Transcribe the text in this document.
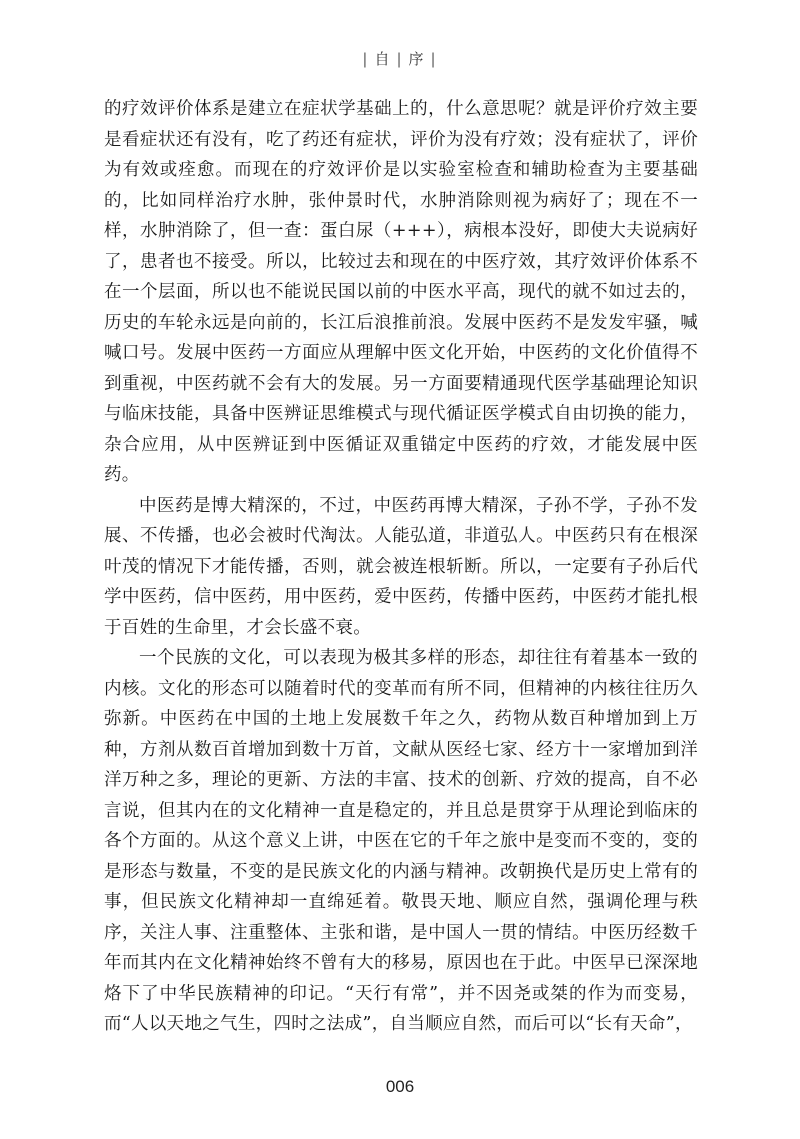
| 自 | 序 |

的疗效评价体系是建立在症状学基础上的，什么意思呢？就是评价疗效主要是看症状还有没有，吃了药还有症状，评价为没有疗效；没有症状了，评价为有效或痊愈。而现在的疗效评价是以实验室检查和辅助检查为主要基础的，比如同样治疗水肿，张仲景时代，水肿消除则视为病好了；现在不一样，水肿消除了，但一查：蛋白尿（+++），病根本没好，即使大夫说病好了，患者也不接受。所以，比较过去和现在的中医疗效，其疗效评价体系不在一个层面，所以也不能说民国以前的中医水平高，现代的就不如过去的，历史的车轮永远是向前的，长江后浪推前浪。发展中医药不是发发牢骚，喊喊口号。发展中医药一方面应从理解中医文化开始，中医药的文化价值得不到重视，中医药就不会有大的发展。另一方面要精通现代医学基础理论知识与临床技能，具备中医辨证思维模式与现代循证医学模式自由切换的能力，杂合应用，从中医辨证到中医循证双重锚定中医药的疗效，才能发展中医药。

中医药是博大精深的，不过，中医药再博大精深，子孙不学，子孙不发展、不传播，也必会被时代淘汰。人能弘道，非道弘人。中医药只有在根深叶茂的情况下才能传播，否则，就会被连根斩断。所以，一定要有子孙后代学中医药，信中医药，用中医药，爱中医药，传播中医药，中医药才能扎根于百姓的生命里，才会长盛不衰。

一个民族的文化，可以表现为极其多样的形态，却往往有着基本一致的内核。文化的形态可以随着时代的变革而有所不同，但精神的内核往往历久弥新。中医药在中国的土地上发展数千年之久，药物从数百种增加到上万种，方剂从数百首增加到数十万首，文献从医经七家、经方十一家增加到洋洋万种之多，理论的更新、方法的丰富、技术的创新、疗效的提高，自不必言说，但其内在的文化精神一直是稳定的，并且总是贯穿于从理论到临床的各个方面的。从这个意义上讲，中医在它的千年之旅中是变而不变的，变的是形态与数量，不变的是民族文化的内涵与精神。改朝换代是历史上常有的事，但民族文化精神却一直绵延着。敬畏天地、顺应自然，强调伦理与秩序，关注人事、注重整体、主张和谐，是中国人一贯的情结。中医历经数千年而其内在文化精神始终不曾有大的移易，原因也在于此。中医早已深深地烙下了中华民族精神的印记。“天行有常”，并不因尧或桀的作为而变易，而“人以天地之气生，四时之法成”，自当顺应自然，而后可以“长有天命”，

006
